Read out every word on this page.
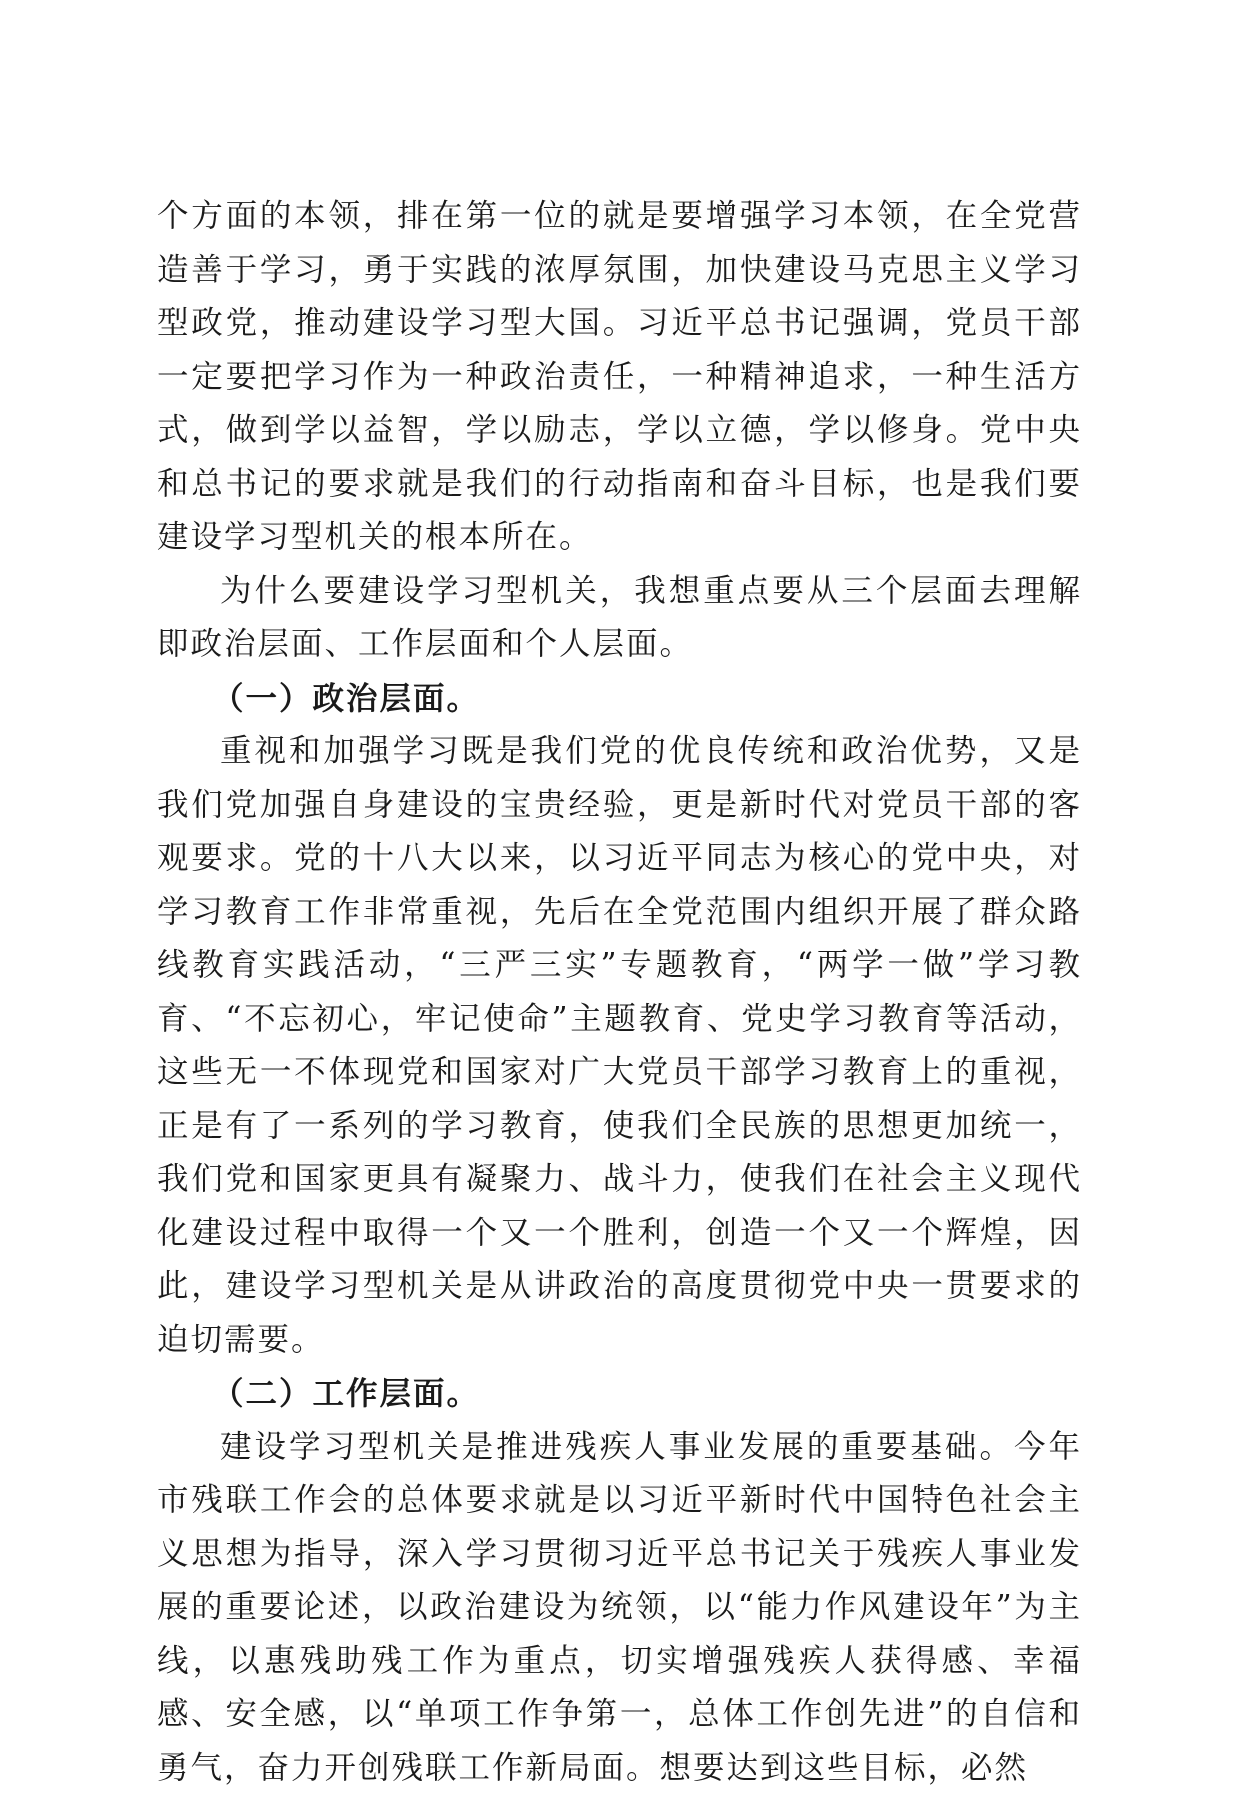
个方面的本领，排在第一位的就是要增强学习本领，在全党营造善于学习，勇于实践的浓厚氛围，加快建设马克思主义学习型政党，推动建设学习型大国。习近平总书记强调，党员干部一定要把学习作为一种政治责任，一种精神追求，一种生活方式，做到学以益智，学以励志，学以立德，学以修身。党中央和总书记的要求就是我们的行动指南和奋斗目标，也是我们要建设学习型机关的根本所在。

为什么要建设学习型机关，我想重点要从三个层面去理解即政治层面、工作层面和个人层面。

（一）政治层面。

重视和加强学习既是我们党的优良传统和政治优势，又是我们党加强自身建设的宝贵经验，更是新时代对党员干部的客观要求。党的十八大以来，以习近平同志为核心的党中央，对学习教育工作非常重视，先后在全党范围内组织开展了群众路线教育实践活动，“三严三实”专题教育，“两学一做”学习教育、“不忘初心，牢记使命”主题教育、党史学习教育等活动，这些无一不体现党和国家对广大党员干部学习教育上的重视，正是有了一系列的学习教育，使我们全民族的思想更加统一，我们党和国家更具有凝聚力、战斗力，使我们在社会主义现代化建设过程中取得一个又一个胜利，创造一个又一个辉煌，因此，建设学习型机关是从讲政治的高度贯彻党中央一贯要求的迫切需要。

（二）工作层面。

建设学习型机关是推进残疾人事业发展的重要基础。今年市残联工作会的总体要求就是以习近平新时代中国特色社会主义思想为指导，深入学习贯彻习近平总书记关于残疾人事业发展的重要论述，以政治建设为统领，以“能力作风建设年”为主线，以惠残助残工作为重点，切实增强残疾人获得感、幸福感、安全感，以“单项工作争第一，总体工作创先进”的自信和勇气，奋力开创残联工作新局面。想要达到这些目标，必然
